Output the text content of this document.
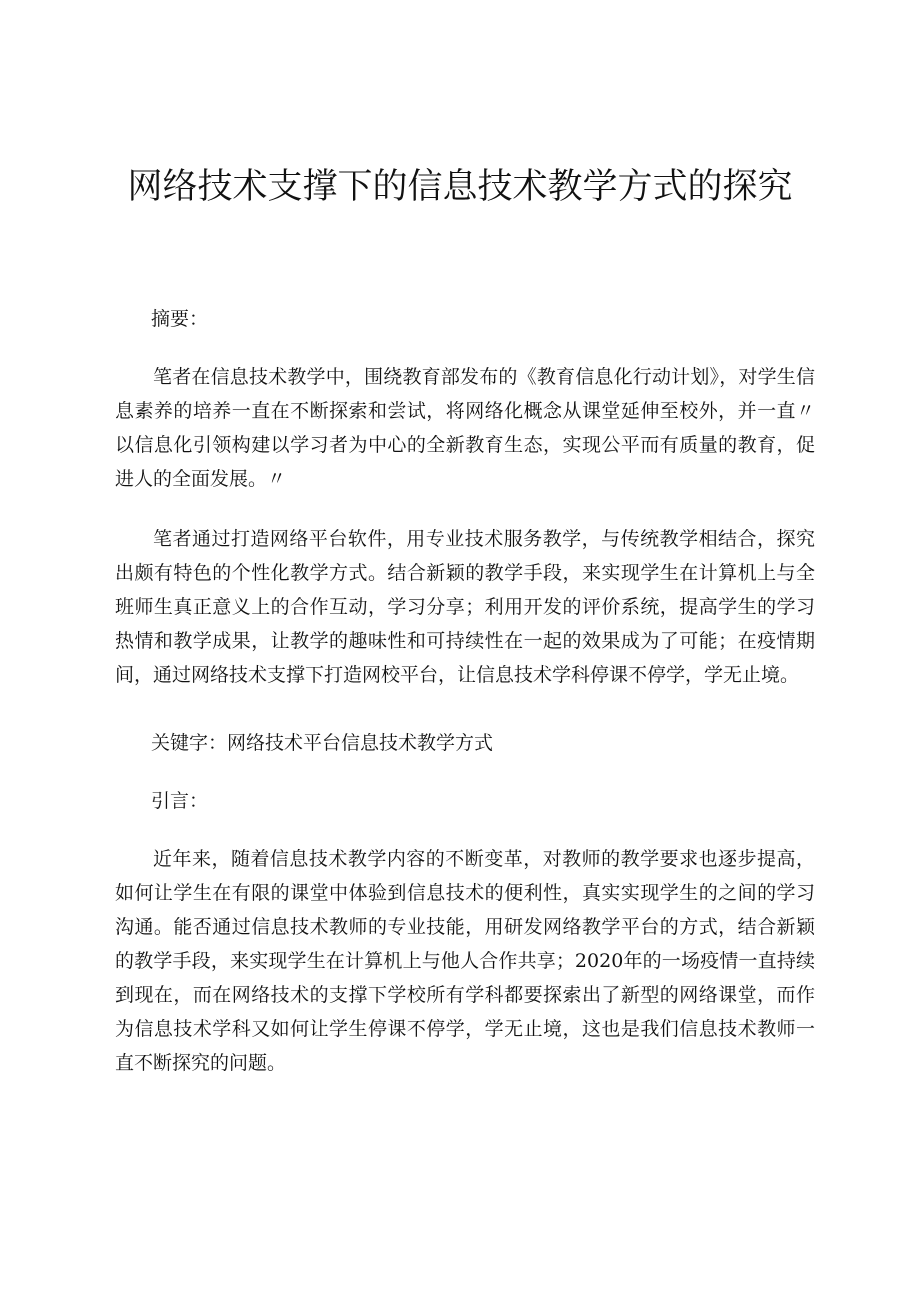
网络技术支撑下的信息技术教学方式的探究
摘要：

笔者在信息技术教学中，围绕教育部发布的《教育信息化行动计划》，对学生信息素养的培养一直在不断探索和尝试，将网络化概念从课堂延伸至校外，并一直〃以信息化引领构建以学习者为中心的全新教育生态，实现公平而有质量的教育，促进人的全面发展。〃

笔者通过打造网络平台软件，用专业技术服务教学，与传统教学相结合，探究出颇有特色的个性化教学方式。结合新颖的教学手段，来实现学生在计算机上与全班师生真正意义上的合作互动，学习分享；利用开发的评价系统，提高学生的学习热情和教学成果，让教学的趣味性和可持续性在一起的效果成为了可能；在疫情期间，通过网络技术支撑下打造网校平台，让信息技术学科停课不停学，学无止境。

关键字：网络技术平台信息技术教学方式
引言：

近年来，随着信息技术教学内容的不断变革，对教师的教学要求也逐步提高，如何让学生在有限的课堂中体验到信息技术的便利性，真实实现学生的之间的学习沟通。能否通过信息技术教师的专业技能，用研发网络教学平台的方式，结合新颖的教学手段，来实现学生在计算机上与他人合作共享；2020年的一场疫情一直持续到现在，而在网络技术的支撑下学校所有学科都要探索出了新型的网络课堂，而作为信息技术学科又如何让学生停课不停学，学无止境，这也是我们信息技术教师一直不断探究的问题。
